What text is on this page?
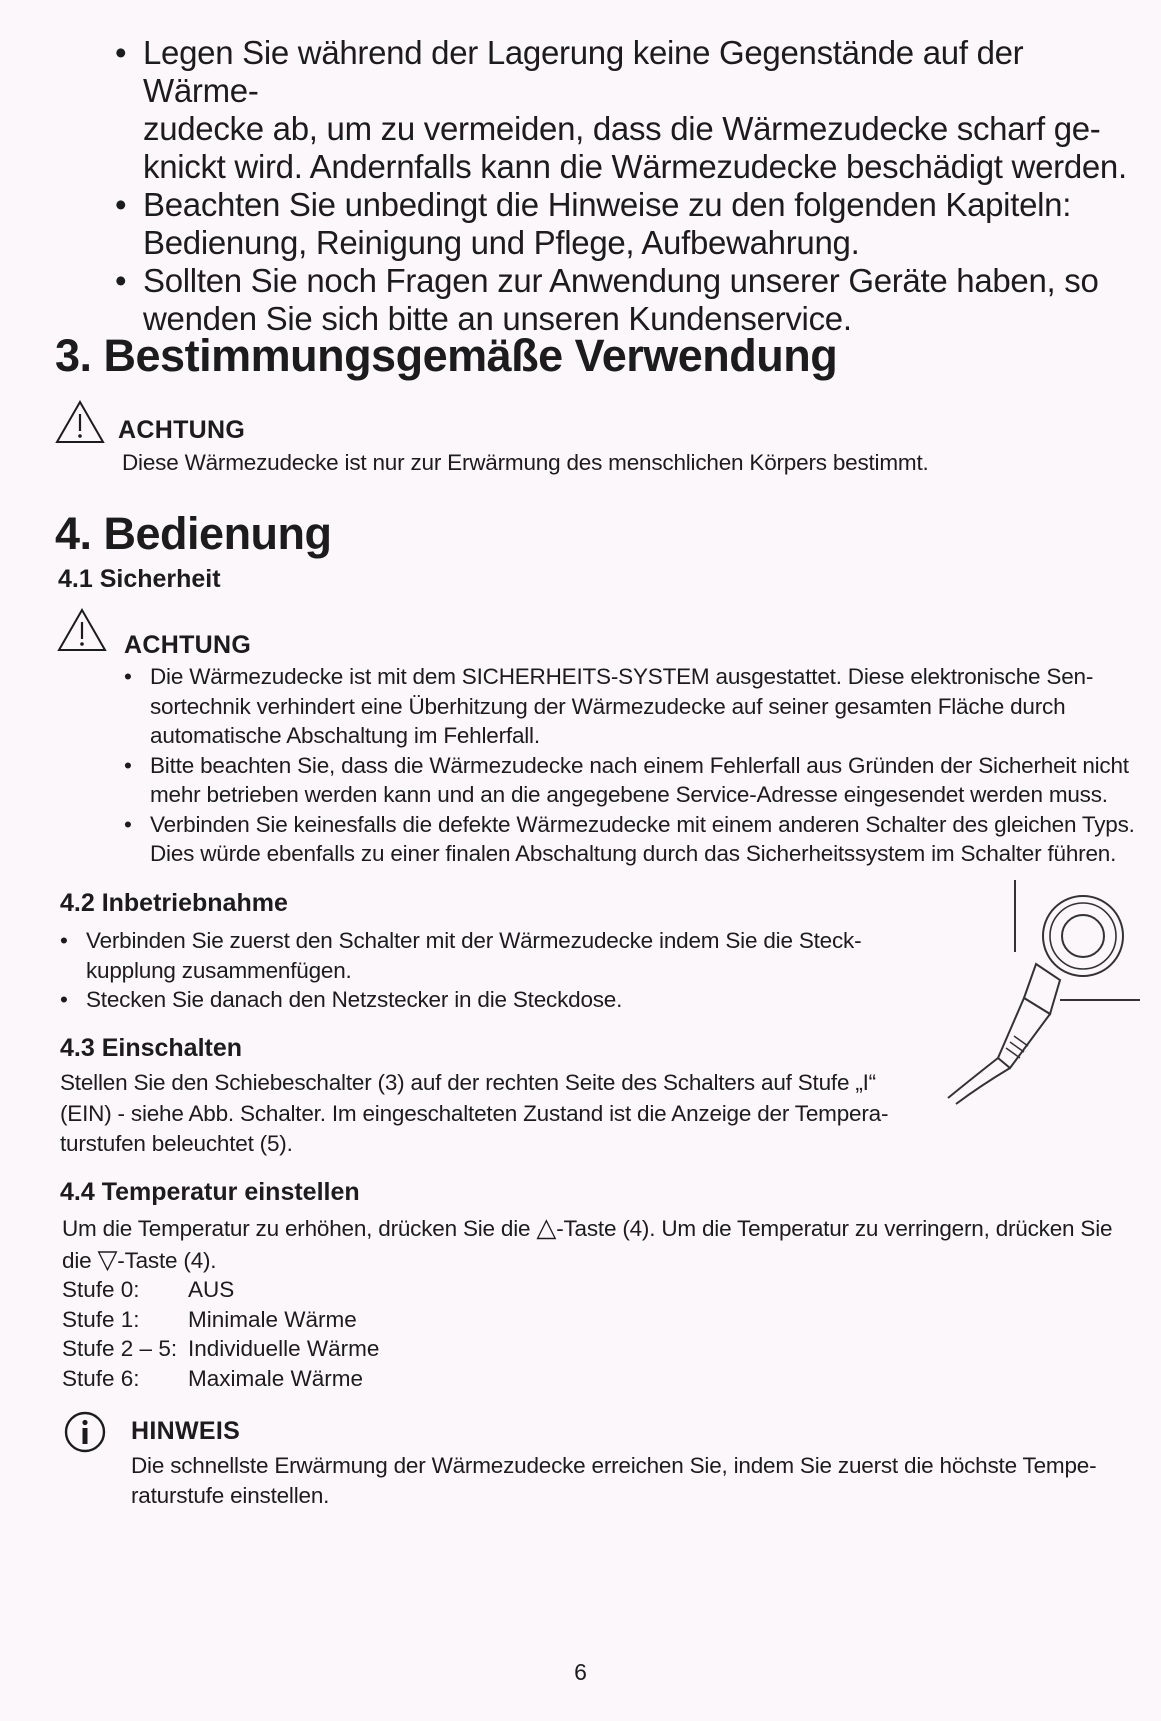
• Legen Sie während der Lagerung keine Gegenstände auf der Wärme-
zudecke ab, um zu vermeiden, dass die Wärmezudecke scharf ge-
knickt wird. Andernfalls kann die Wärmezudecke beschädigt werden.
• Beachten Sie unbedingt die Hinweise zu den folgenden Kapiteln:
Bedienung, Reinigung und Pflege, Aufbewahrung.
• Sollten Sie noch Fragen zur Anwendung unserer Geräte haben, so
wenden Sie sich bitte an unseren Kundenservice.
3. Bestimmungsgemäße Verwendung
ACHTUNG
Diese Wärmezudecke ist nur zur Erwärmung des menschlichen Körpers bestimmt.
4. Bedienung
4.1 Sicherheit
ACHTUNG
• Die Wärmezudecke ist mit dem SICHERHEITS-SYSTEM ausgestattet. Diese elektronische Sen-
sortechnik verhindert eine Überhitzung der Wärmezudecke auf seiner gesamten Fläche durch
automatische Abschaltung im Fehlerfall.
• Bitte beachten Sie, dass die Wärmezudecke nach einem Fehlerfall aus Gründen der Sicherheit nicht
mehr betrieben werden kann und an die angegebene Service-Adresse eingesendet werden muss.
• Verbinden Sie keinesfalls die defekte Wärmezudecke mit einem anderen Schalter des gleichen Typs.
Dies würde ebenfalls zu einer finalen Abschaltung durch das Sicherheitssystem im Schalter führen.
4.2 Inbetriebnahme
• Verbinden Sie zuerst den Schalter mit der Wärmezudecke indem Sie die Steck-
kupplung zusammenfügen.
• Stecken Sie danach den Netzstecker in die Steckdose.
4.3 Einschalten
Stellen Sie den Schiebeschalter (3) auf der rechten Seite des Schalters auf Stufe „I“
(EIN) - siehe Abb. Schalter. Im eingeschalteten Zustand ist die Anzeige der Tempera-
turstufen beleuchtet (5).
4.4 Temperatur einstellen
Um die Temperatur zu erhöhen, drücken Sie die △-Taste (4). Um die Temperatur zu verringern, drücken Sie
die ▽-Taste (4).
Stufe 0:	AUS
Stufe 1:	Minimale Wärme
Stufe 2 – 5: Individuelle Wärme
Stufe 6:	Maximale Wärme
HINWEIS
Die schnellste Erwärmung der Wärmezudecke erreichen Sie, indem Sie zuerst die höchste Tempe-
raturstufe einstellen.
6
